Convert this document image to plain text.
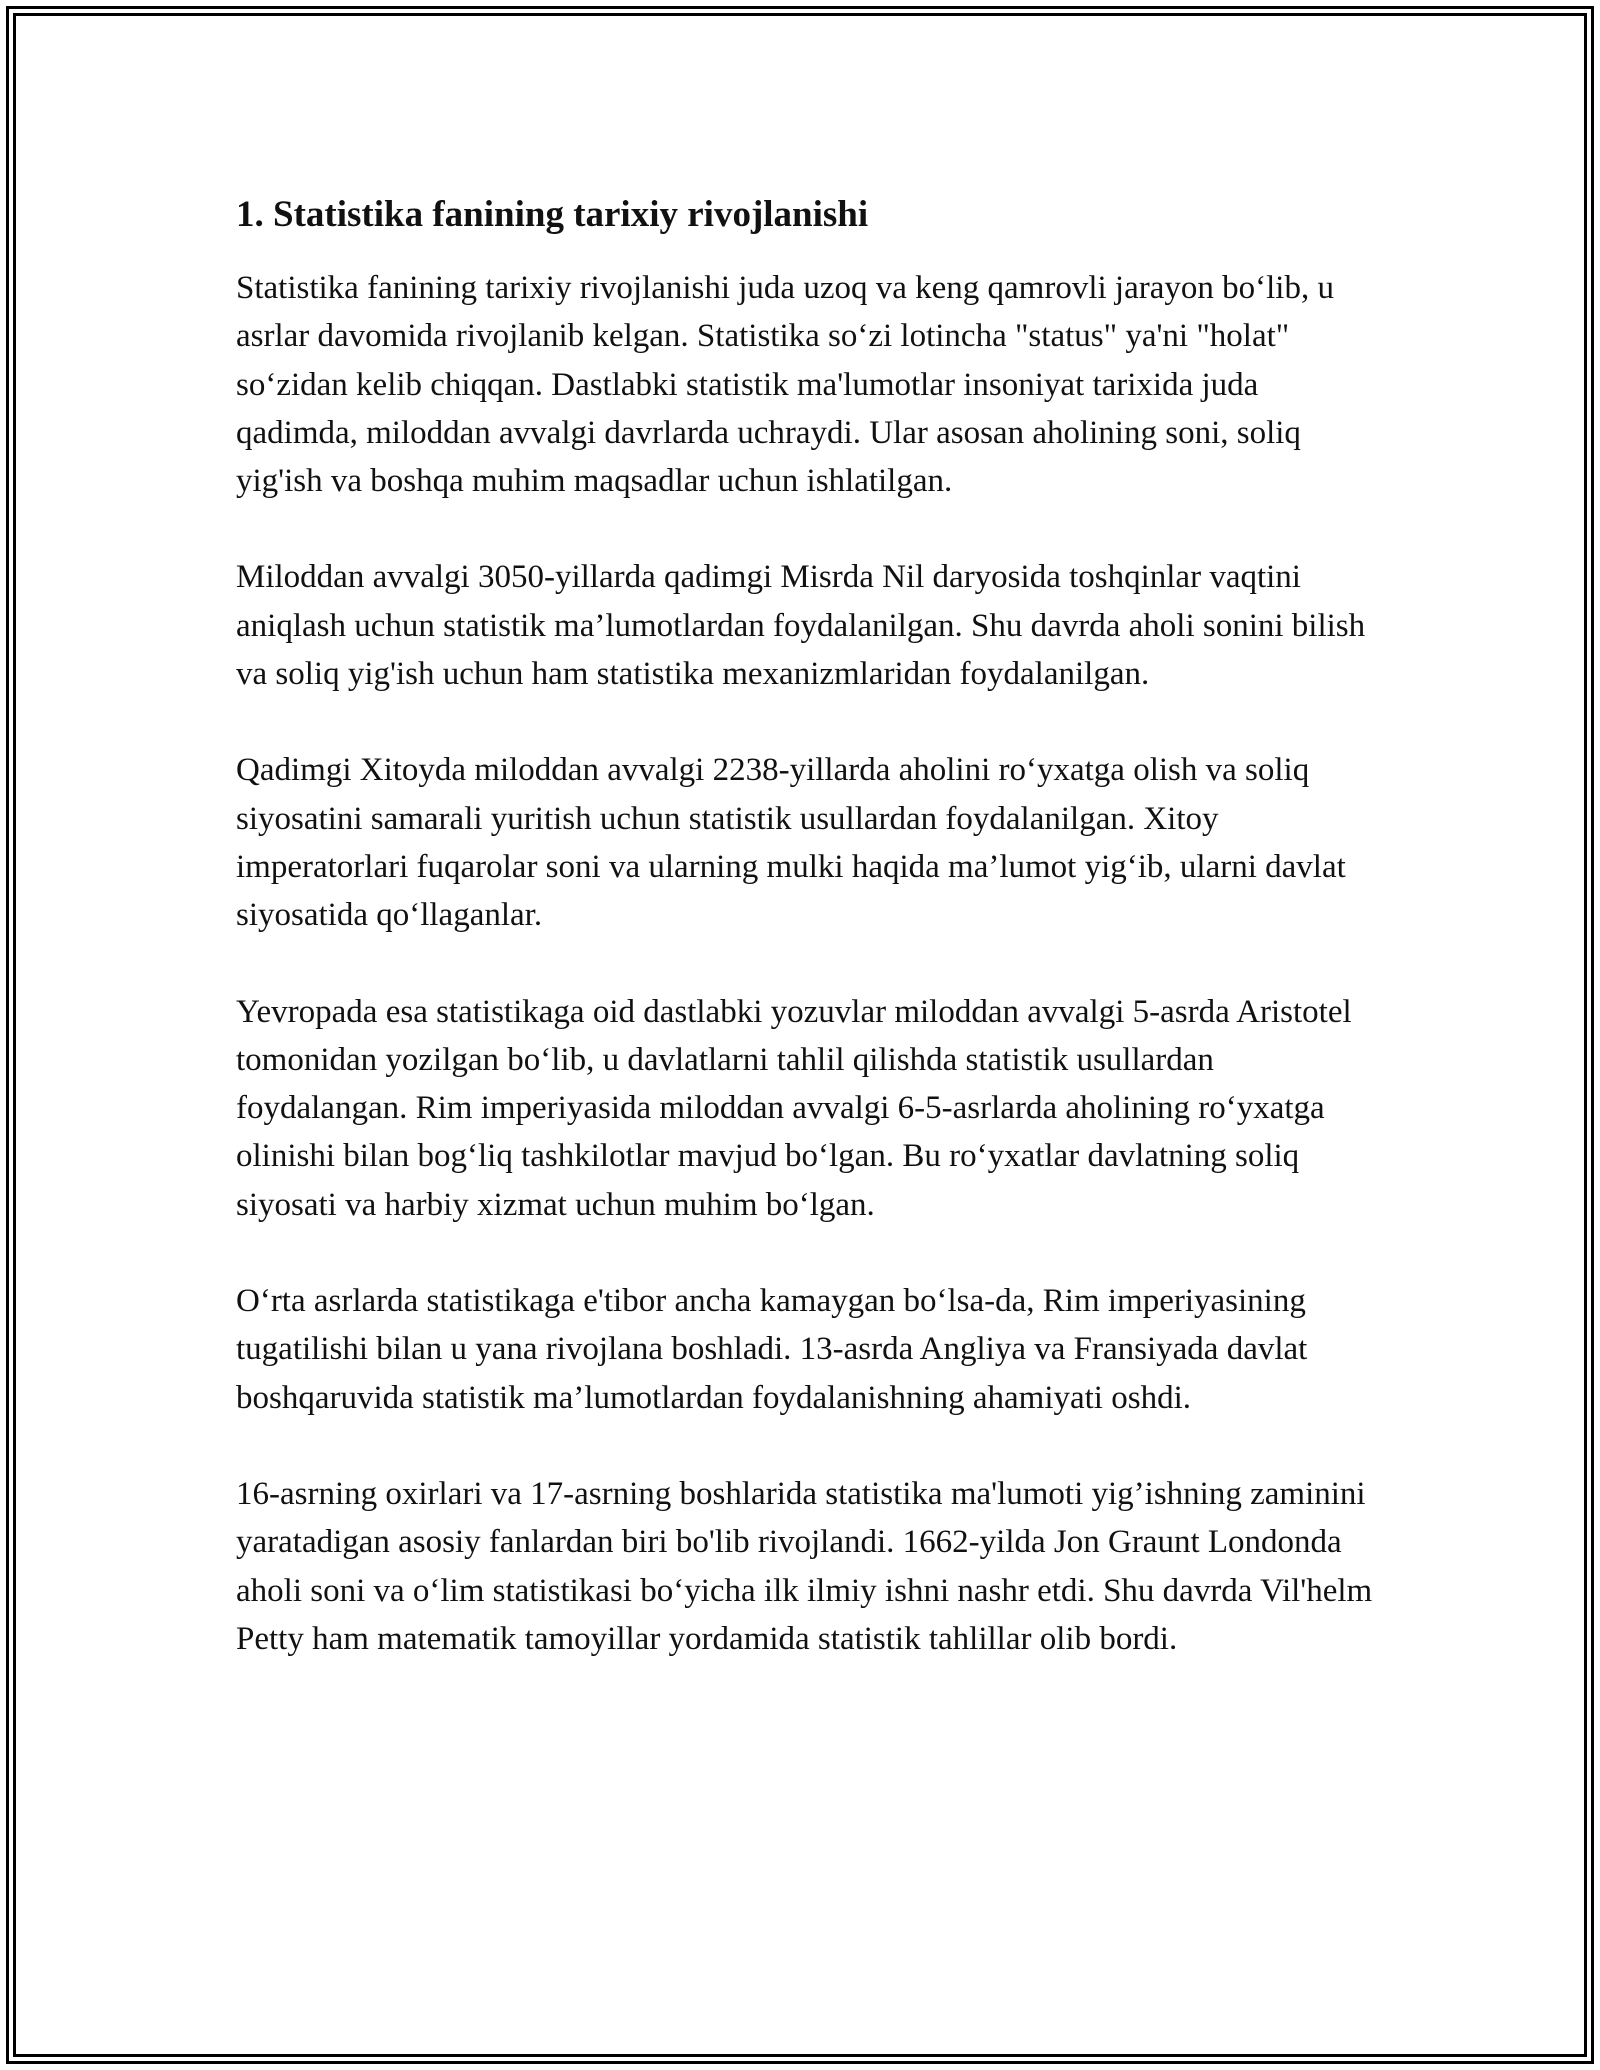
1. Statistika fanining tarixiy rivojlanishi

Statistika fanining tarixiy rivojlanishi juda uzoq va keng qamrovli jarayon bo‘lib, u asrlar davomida rivojlanib kelgan. Statistika so‘zi lotincha "status" ya'ni "holat" so‘zidan kelib chiqqan. Dastlabki statistik ma'lumotlar insoniyat tarixida juda qadimda, miloddan avvalgi davrlarda uchraydi. Ular asosan aholining soni, soliq yig'ish va boshqa muhim maqsadlar uchun ishlatilgan.

Miloddan avvalgi 3050-yillarda qadimgi Misrda Nil daryosida toshqinlar vaqtini aniqlash uchun statistik ma’lumotlardan foydalanilgan. Shu davrda aholi sonini bilish va soliq yig'ish uchun ham statistika mexanizmlaridan foydalanilgan.

Qadimgi Xitoyda miloddan avvalgi 2238-yillarda aholini ro‘yxatga olish va soliq siyosatini samarali yuritish uchun statistik usullardan foydalanilgan. Xitoy imperatorlari fuqarolar soni va ularning mulki haqida ma’lumot yig‘ib, ularni davlat siyosatida qo‘llaganlar.

Yevropada esa statistikaga oid dastlabki yozuvlar miloddan avvalgi 5-asrda Aristotel tomonidan yozilgan bo‘lib, u davlatlarni tahlil qilishda statistik usullardan foydalangan. Rim imperiyasida miloddan avvalgi 6-5-asrlarda aholining ro‘yxatga olinishi bilan bog‘liq tashkilotlar mavjud bo‘lgan. Bu ro‘yxatlar davlatning soliq siyosati va harbiy xizmat uchun muhim bo‘lgan.

O‘rta asrlarda statistikaga e'tibor ancha kamaygan bo‘lsa-da, Rim imperiyasining tugatilishi bilan u yana rivojlana boshladi. 13-asrda Angliya va Fransiyada davlat boshqaruvida statistik ma’lumotlardan foydalanishning ahamiyati oshdi.

16-asrning oxirlari va 17-asrning boshlarida statistika ma'lumoti yig’ishning zaminini yaratadigan asosiy fanlardan biri bo'lib rivojlandi. 1662-yilda Jon Graunt Londonda aholi soni va o‘lim statistikasi bo‘yicha ilk ilmiy ishni nashr etdi. Shu davrda Vil'helm Petty ham matematik tamoyillar yordamida statistik tahlillar olib bordi.
